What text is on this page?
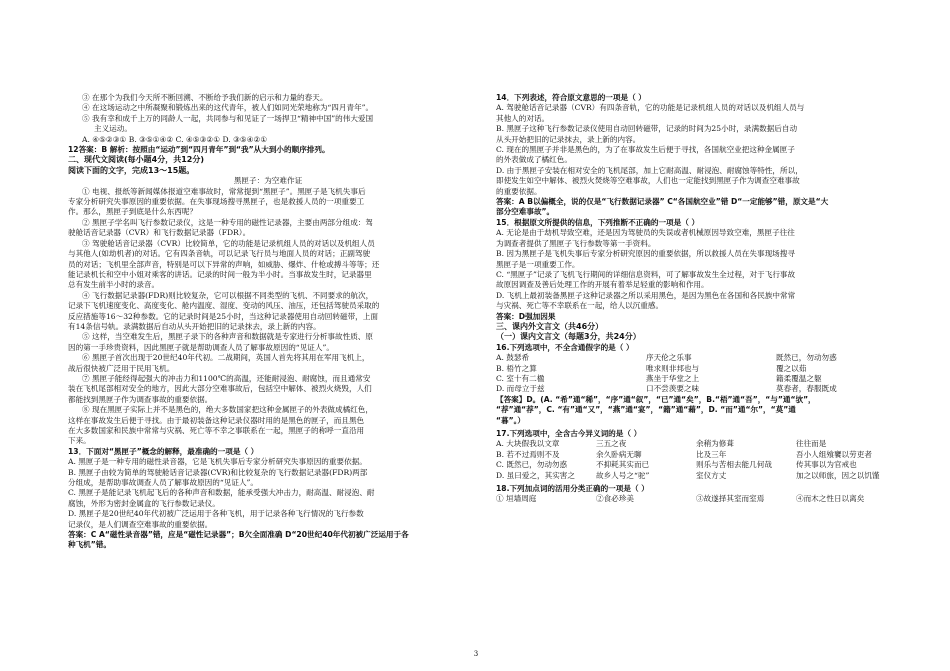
③ 在那个为我们今天所不断回溯、不断给予我们新的启示和力量的春天。
④ 在这场运动之中所凝聚和锻炼出来的这代青年，被人们如同光荣地称为“四月青年”。
⑤ 我有幸和成千上万的同龄人一起，共同参与和见证了一场捍卫“精神中国”的伟大爱国
主义运动。
A. ④⑤②③① B. ③⑤①④② C. ④⑤③②① D. ③⑤④②①
12答案：B 解析：按照由“运动”到“四月青年”到“我”从大到小的顺序排列。
二、现代文阅读(每小题4分，共12分)
阅读下面的文字，完成13～15题。
黑匣子：为空难作证
① 电视、报纸等新闻媒体报道空难事故时，常常提到“黑匣子”。黑匣子是飞机失事后
专家分析研究失事原因的重要依据。在失事现场搜寻黑匣子，也是救援人员的一项重要工
作。那么，黑匣子到底是什么东西呢？
② 黑匣子学名叫飞行参数记录仪，这是一种专用的磁性记录器，主要由两部分组成：驾
驶舱话音记录器（CVR）和飞行数据记录器（FDR）。
③ 驾驶舱话音记录器（CVR）比较简单，它的功能是记录机组人员的对话以及机组人员
与其他人(如劫机者)的对话。它有四条音轨，可以记录飞行员与地面人员的对话；正副驾驶
员的对话；飞机里全部声音，特别是可以下异常的声响，如威胁、爆炸、什枪或搏斗等等；还
能记录机长和空中小姐对乘客的讲话。记录的时间一般为半小时。当事故发生时，记录器里
总有发生前半小时的录音。
④ 飞行数据记录器(FDR)则比较复杂，它可以根据不同类型的飞机、不同要求的航次，
记录下飞机速度变化、高度变化、舱内温度、湿度、变动的风压、油压，还包括驾驶员采取的
反应措施等16～32种参数。它的记录时间是25小时，当这种记录器使用自动回转磁带，上面
有14条信号轨。录满数据后自动从头开始把旧的记录抹去，录上新的内容。
⑤ 这样，当空难发生后，黑匣子录下的各种声音和数据就是专家进行分析事故性质、原
因的第一手珍贵资料，因此黑匣子就是帮助调查人员了解事故原因的“见证人”。
⑥ 黑匣子首次出现于20世纪40年代初。二战期间，英国人首先将其用在军用飞机上，
战后很快被广泛用于民用飞机。
⑦ 黑匣子能经得起强大的冲击力和1100℃的高温，还能耐浸泡、耐腐蚀，而且通常安
装在飞机尾部相对安全的地方，因此大部分空难事故后，包括空中解体、被烈火烧毁，人们
都能找到黑匣子作为调查事故的重要依据。
⑧ 现在黑匣子实际上并不是黑色的，绝大多数国家把这种金属匣子的外表做成橘红色，
这样在事故发生后便于寻找。由于最初装备这种记录仪器时用的是黑色的匣子，而且黑色
在大多数国家和民族中常常与灾祸、死亡等不幸之事联系在一起，黑匣子的称呼一直沿用
下来。
13．下面对“黑匣子”概念的解释，最准确的一项是（ ）
A. 黑匣子是一种专用的磁性录音器，它是飞机失事后专家分析研究失事原因的重要依据。
B. 黑匣子由较为简单的驾驶舱话音记录器(CVR)和比较复杂的飞行数据记录器(FDR)两部
分组成，是帮助事故调查人员了解事故原因的“见证人”。
C. 黑匣子是能记录飞机起飞后的各种声音和数据，能承受强大冲击力，耐高温、耐浸泡、耐
腐蚀，外形为密封金属盒的飞行参数记录仪。
D. 黑匣子是20世纪40年代初被广泛运用于各种飞机，用于记录各种飞行情况的飞行参数
记录仪，是人们调查空难事故的重要依据。
答案：C A“磁性录音器”错，应是“磁性记录器”；B欠全面准确 D“20世纪40年代初被广泛运用于各
种飞机”错。
14．下列表述，符合原文意思的一项是（ ）
A. 驾驶舱话音记录器（CVR）有四条音轨，它的功能是记录机组人员的对话以及机组人员与
其他人的对话。
B. 黑匣子这种飞行参数记录仪使用自动回转磁带，记录的时间为25小时，录满数据后自动
从头开始把旧的记录抹去，录上新的内容。
C. 现在的黑匣子并非是黑色的，为了在事故发生后便于寻找，各国航空业把这种金属匣子
的外表做成了橘红色。
D. 由于黑匣子安装在相对安全的飞机尾部，加上它耐高温、耐浸泡、耐腐蚀等特性，所以，
即使发生如空中解体、被烈火焚烧等空难事故，人们也一定能找到黑匣子作为调查空难事故
的重要依据。
答案：A B以偏概全，说的仅是“飞行数据记录器” C“各国航空业”错 D“一定能够”错，原文是“大
部分空难事故”。
15．根据原文所提供的信息，下列推断不正确的一项是（ ）
A. 无论是由于劫机导致空难，还是因为驾驶员的失误或者机械原因导致空难，黑匣子往往
为调查者提供了黑匣子飞行参数等第一手资料。
B. 因为黑匣子是飞机失事后专家分析研究原因的重要依据，所以救援人员在失事现场搜寻
黑匣子是一项重要工作。
C. “黑匣子”记录了飞机飞行期间的详细信息资料，可了解事故发生全过程，对于飞行事故
故原因调查及善后处理工作的开展有着举足轻重的影响和作用。
D. 飞机上最初装备黑匣子这种记录器之所以采用黑色，是因为黑色在各国和各民族中常常
与灾祸、死亡等不幸联系在一起，给人以沉重感。
答案：D强加因果
三、课内外文言文（共46分）
（一）课内文言文（每题3分，共24分）
16.下列选项中，不全含通假字的是（ ）
A. 鼓瑟希	序天伦之乐事	既然已，勿动勿惑
B. 梧竹之算	唯求则非邦也与	覆之以茹
C. 室十有二楹	燕坐于华堂之上	籍柔覆温之躯
D. 而母立于兹	口不尝羡要之味	莫春者，春服既成
【答案】D。(A. “希”通“稀”，“序”通“叙”，“已”通“矣”，B.“梧”通“吾”，“与”通“欤”，
“荐”通“荐”，C. “有”通“又”，“燕”通“宴”，“籍”通“藉”，D. “而”通“尔”，“莫”通
“暮”。）
17.下列选项中，全含古今异义词的是（ ）
A. 大块假我以文章	三五之夜	余稍为修葺	往往而是
B. 若不过焉则不及	余久卧病无聊	比及三年	吾小人组飧饔以劳吏者
C. 既然已，勿动勿惑	不抑耗其实而已	则乐与苦相去能几何哉	传其事以为官戒也
D. 虽曰爱之，其实害之	故乡人号之“驼”	室仪方丈	加之以师旅，因之以饥馑
18.下列加点词的活用分类正确的一项是（ ）
① 垣墙周庭	②食必珍美	③故遂择其室而室焉	④而木之性日以离矣
3
